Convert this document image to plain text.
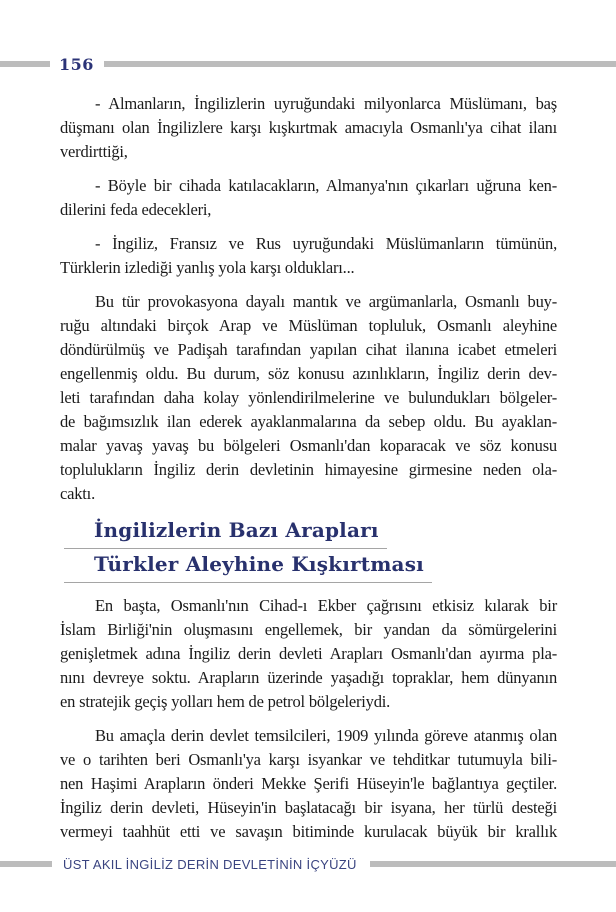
156
- Almanların, İngilizlerin uyruğundaki milyonlarca Müslümanı, baş
düşmanı olan İngilizlere karşı kışkırtmak amacıyla Osmanlı'ya cihat ilanı
verdirttiği,
- Böyle bir cihada katılacakların, Almanya'nın çıkarları uğruna ken-
dilerini feda edecekleri,
- İngiliz, Fransız ve Rus uyruğundaki Müslümanların tümünün,
Türklerin izlediği yanlış yola karşı oldukları...
Bu tür provokasyona dayalı mantık ve argümanlarla, Osmanlı buy-
ruğu altındaki birçok Arap ve Müslüman topluluk, Osmanlı aleyhine
döndürülmüş ve Padişah tarafından yapılan cihat ilanına icabet etmeleri
engellenmiş oldu. Bu durum, söz konusu azınlıkların, İngiliz derin dev-
leti tarafından daha kolay yönlendirilmelerine ve bulundukları bölgeler-
de bağımsızlık ilan ederek ayaklanmalarına da sebep oldu. Bu ayaklan-
malar yavaş yavaş bu bölgeleri Osmanlı'dan koparacak ve söz konusu
toplulukların İngiliz derin devletinin himayesine girmesine neden ola-
caktı.
İngilizlerin Bazı Arapları
Türkler Aleyhine Kışkırtması
En başta, Osmanlı'nın Cihad-ı Ekber çağrısını etkisiz kılarak bir
İslam Birliği'nin oluşmasını engellemek, bir yandan da sömürgelerini
genişletmek adına İngiliz derin devleti Arapları Osmanlı'dan ayırma pla-
nını devreye soktu. Arapların üzerinde yaşadığı topraklar, hem dünyanın
en stratejik geçiş yolları hem de petrol bölgeleriydi.
Bu amaçla derin devlet temsilcileri, 1909 yılında göreve atanmış olan
ve o tarihten beri Osmanlı'ya karşı isyankar ve tehditkar tutumuyla bili-
nen Haşimi Arapların önderi Mekke Şerifi Hüseyin'le bağlantıya geçtiler.
İngiliz derin devleti, Hüseyin'in başlatacağı bir isyana, her türlü desteği
vermeyi taahhüt etti ve savaşın bitiminde kurulacak büyük bir krallık
ÜST AKIL İNGİLİZ DERİN DEVLETİNİN İÇYÜZÜ
